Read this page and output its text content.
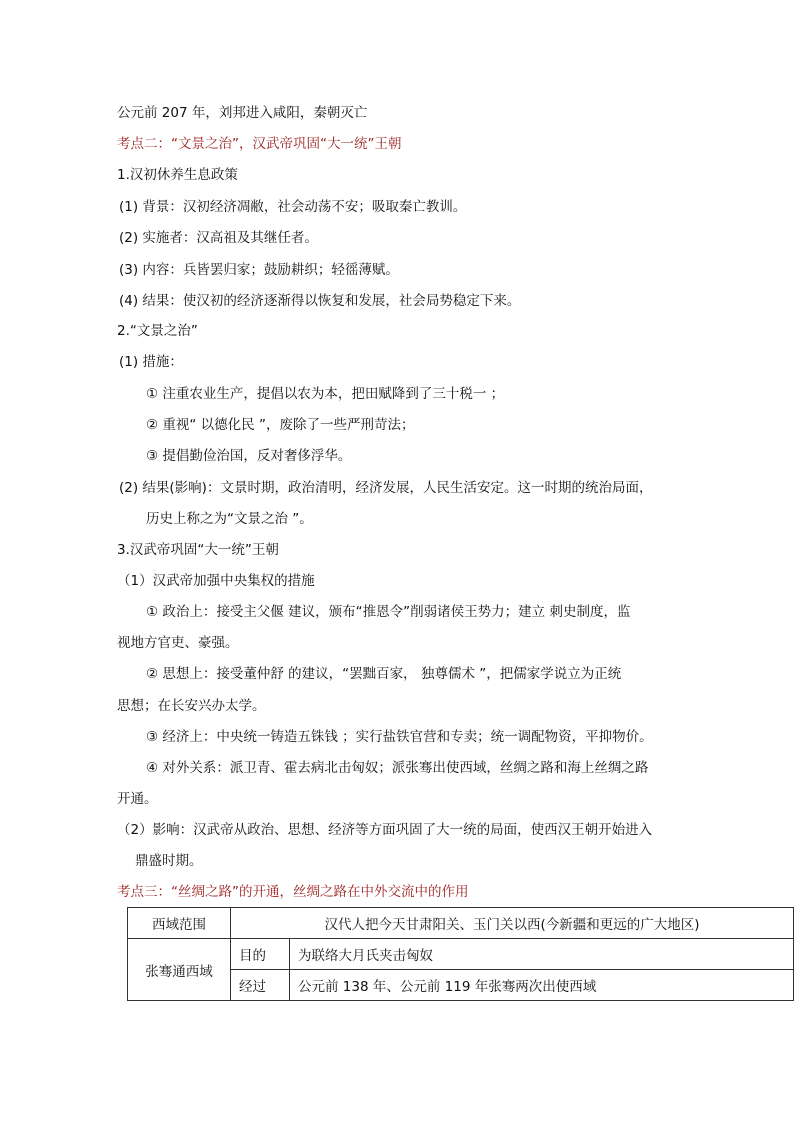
公元前 207 年，刘邦进入咸阳，秦朝灭亡
考点二：“文景之治”，汉武帝巩固“大一统”王朝
1.汉初休养生息政策
(1) 背景：汉初经济凋敝，社会动荡不安；吸取秦亡教训。
(2) 实施者：汉高祖及其继任者。
(3) 内容：兵皆罢归家；鼓励耕织；轻徭薄赋。
(4) 结果：使汉初的经济逐渐得以恢复和发展，社会局势稳定下来。
2.“文景之治”
(1) 措施：
① 注重农业生产，提倡以农为本，把田赋降到了三十税一 ；
② 重视“ 以德化民 ”，废除了一些严刑苛法；
③ 提倡勤俭治国，反对奢侈浮华。
(2) 结果(影响)：文景时期，政治清明，经济发展，人民生活安定。这一时期的统治局面，
历史上称之为“文景之治 ”。
3.汉武帝巩固“大一统”王朝
（1）汉武帝加强中央集权的措施
① 政治上：接受主父偃 建议，颁布“推恩令”削弱诸侯王势力；建立 刺史制度，监
视地方官吏、豪强。
② 思想上：接受董仲舒 的建议，“罢黜百家， 独尊儒术 ”，把儒家学说立为正统
思想；在长安兴办太学。
③ 经济上：中央统一铸造五铢钱 ；实行盐铁官营和专卖；统一调配物资，平抑物价。
④ 对外关系：派卫青、霍去病北击匈奴；派张骞出使西域，丝绸之路和海上丝绸之路
开通。
（2）影响：汉武帝从政治、思想、经济等方面巩固了大一统的局面，使西汉王朝开始进入
鼎盛时期。
考点三：“丝绸之路”的开通，丝绸之路在中外交流中的作用
西域范围	汉代人把今天甘肃阳关、玉门关以西(今新疆和更远的广大地区)	
张骞通西域	目的	为联络大月氏夹击匈奴
	经过	公元前 138 年、公元前 119 年张骞两次出使西域
